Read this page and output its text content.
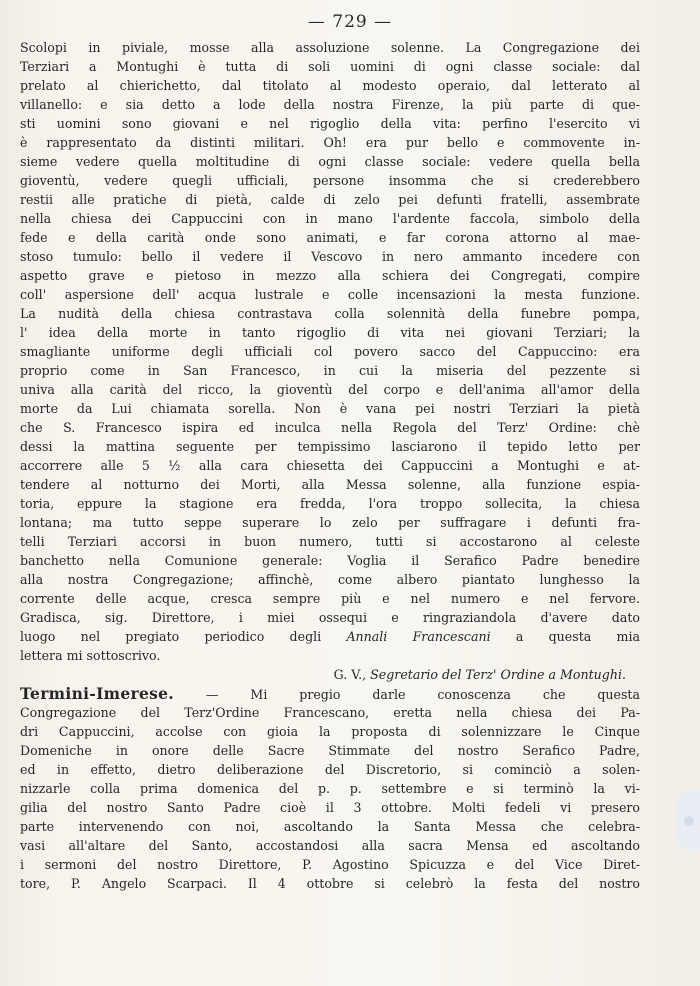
— 729 —
Scolopi in piviale, mosse alla assoluzione solenne. La Congregazione dei
Terziari a Montughi è tutta di soli uomini di ogni classe sociale: dal
prelato al chierichetto, dal titolato al modesto operaio, dal letterato al
villanello: e sia detto a lode della nostra Firenze, la più parte di que-
sti uomini sono giovani e nel rigoglio della vita: perfino l'esercito vi
è rappresentato da distinti militari. Oh! era pur bello e commovente in-
sieme vedere quella moltitudine di ogni classe sociale: vedere quella bella
gioventù, vedere quegli ufficiali, persone insomma che si crederebbero
restii alle pratiche di pietà, calde di zelo pei defunti fratelli, assembrate
nella chiesa dei Cappuccini con in mano l'ardente faccola, simbolo della
fede e della carità onde sono animati, e far corona attorno al mae-
stoso tumulo: bello il vedere il Vescovo in nero ammanto incedere con
aspetto grave e pietoso in mezzo alla schiera dei Congregati, compire
coll' aspersione dell' acqua lustrale e colle incensazioni la mesta funzione.
La nudità della chiesa contrastava colla solennità della funebre pompa,
l' idea della morte in tanto rigoglio di vita nei giovani Terziari; la
smagliante uniforme degli ufficiali col povero sacco del Cappuccino: era
proprio come in San Francesco, in cui la miseria del pezzente si
univa alla carità del ricco, la gioventù del corpo e dell'anima all'amor della
morte da Lui chiamata sorella. Non è vana pei nostri Terziari la pietà
che S. Francesco ispira ed inculca nella Regola del Terz' Ordine: chè
dessi la mattina seguente per tempissimo lasciarono il tepido letto per
accorrere alle 5 ½ alla cara chiesetta dei Cappuccini a Montughi e at-
tendere al notturno dei Morti, alla Messa solenne, alla funzione espia-
toria, eppure la stagione era fredda, l'ora troppo sollecita, la chiesa
lontana; ma tutto seppe superare lo zelo per suffragare i defunti fra-
telli Terziari accorsi in buon numero, tutti si accostarono al celeste
banchetto nella Comunione generale: Voglia il Serafico Padre benedire
alla nostra Congregazione; affinchè, come albero piantato lunghesso la
corrente delle acque, cresca sempre più e nel numero e nel fervore.
Gradisca, sig. Direttore, i miei ossequi e ringraziandola d'avere dato
luogo nel pregiato periodico degli Annali Francescani a questa mia
lettera mi sottoscrivo.
G. V., Segretario del Terz' Ordine a Montughi.
Termini-Imerese.	— Mi pregio darle conoscenza che questa
Congregazione del Terz'Ordine Francescano, eretta nella chiesa dei Pa-
dri Cappuccini, accolse con gioia la proposta di solennizzare le Cinque
Domeniche in onore delle Sacre Stimmate del nostro Serafico Padre,
ed in effetto, dietro deliberazione del Discretorio, si cominciò a solen-
nizzarle colla prima domenica del p. p. settembre e si terminò la vi-
gilia del nostro Santo Padre cioè il 3 ottobre. Molti fedeli vi presero
parte intervenendo con noi, ascoltando la Santa Messa che celebra-
vasi all'altare del Santo, accostandosi alla sacra Mensa ed ascoltando
i sermoni del nostro Direttore, P. Agostino Spicuzza e del Vice Diret-
tore, P. Angelo Scarpaci. Il 4 ottobre si celebrò la festa del nostro
